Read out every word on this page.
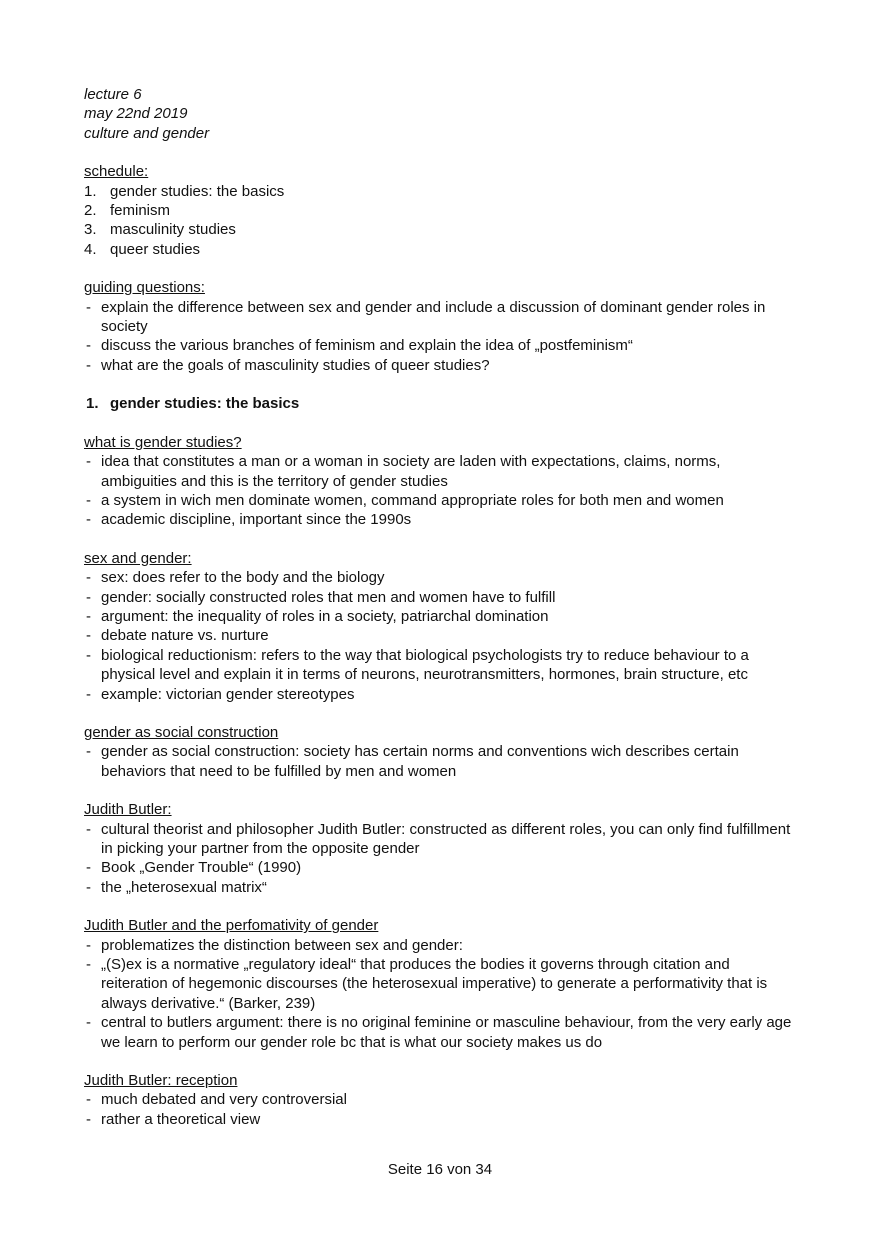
lecture 6
may 22nd 2019
culture and gender
schedule:
1. gender studies: the basics
2. feminism
3. masculinity studies
4. queer studies
guiding questions:
- explain the difference between sex and gender and include a discussion of dominant gender roles in society
- discuss the various branches of feminism and explain the idea of „postfeminism“
- what are the goals of masculinity studies of queer studies?
1. gender studies: the basics
what is gender studies?
- idea that constitutes a man or a woman in society are laden with expectations, claims, norms, ambiguities and this is the territory of gender studies
- a system in wich men dominate women, command appropriate roles for both men and women
- academic discipline, important since the 1990s
sex and gender:
- sex: does refer to the body and the biology
- gender: socially constructed roles that men and women have to fulfill
- argument: the inequality of roles in a society, patriarchal domination
- debate nature vs. nurture
- biological reductionism: refers to the way that biological psychologists try to reduce behaviour to a physical level and explain it in terms of neurons, neurotransmitters, hormones, brain structure, etc
- example: victorian gender stereotypes
gender as social construction
- gender as social construction: society has certain norms and conventions wich describes certain behaviors that need to be fulfilled by men and women
Judith Butler:
- cultural theorist and philosopher Judith Butler: constructed as different roles, you can only find fulfillment in picking your partner from the opposite gender
- Book „Gender Trouble“ (1990)
- the „heterosexual matrix“
Judith Butler and the perfomativity of gender
- problematizes the distinction between sex and gender:
- „(S)ex is a normative „regulatory ideal“ that produces the bodies it governs through citation and reiteration of hegemonic discourses (the heterosexual imperative) to generate a performativity that is always derivative.“ (Barker, 239)
- central to butlers argument: there is no original feminine or masculine behaviour, from the very early age we learn to perform our gender role bc that is what our society makes us do
Judith Butler: reception
- much debated and very controversial
- rather a theoretical view
Seite 16 von 34
